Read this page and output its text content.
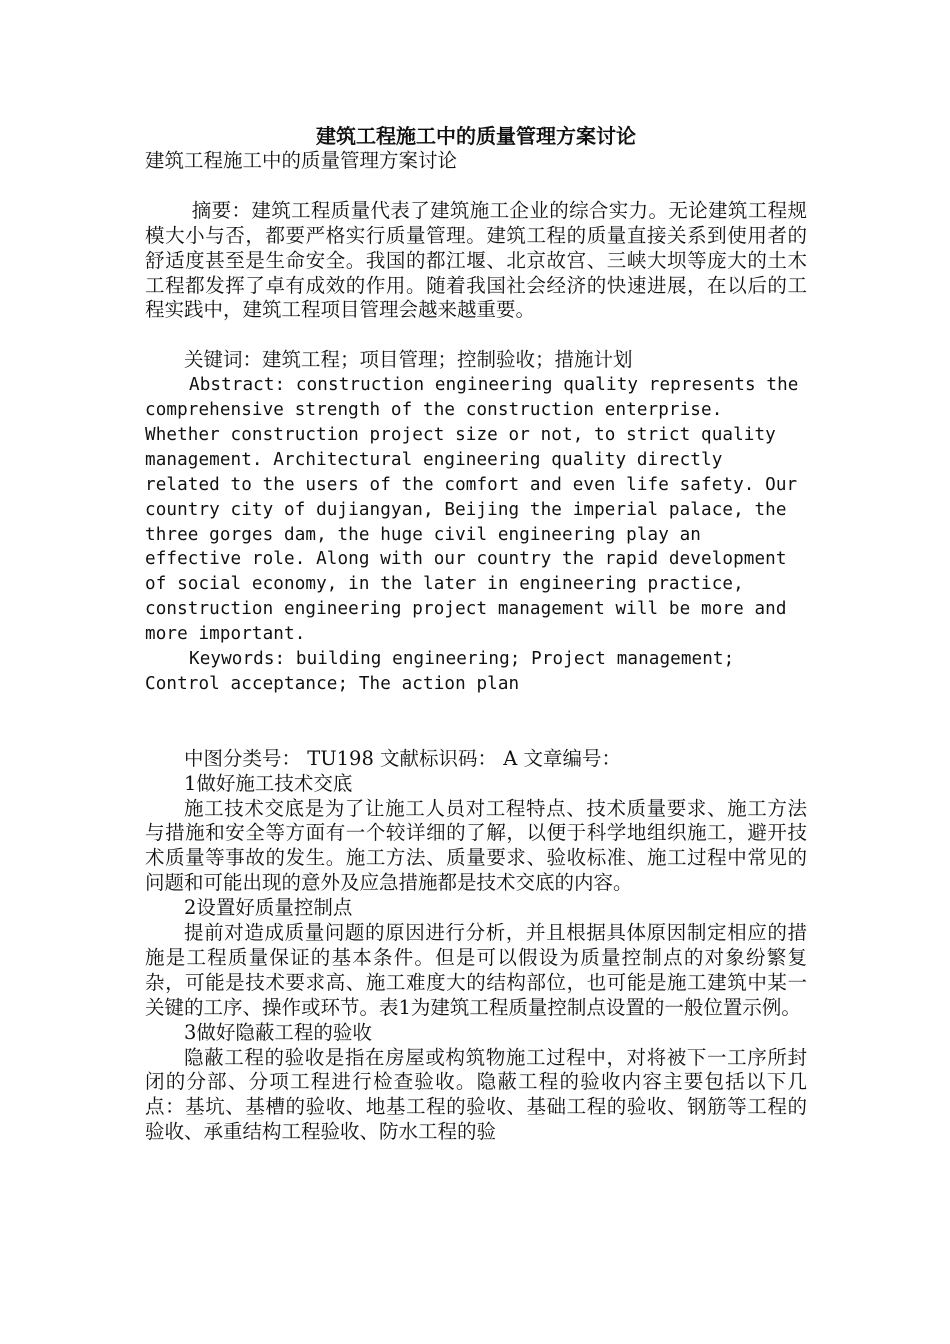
建筑工程施工中的质量管理方案讨论

建筑工程施工中的质量管理方案讨论

摘要：建筑工程质量代表了建筑施工企业的综合实力。无论建筑工程规模大小与否，都要严格实行质量管理。建筑工程的质量直接关系到使用者的舒适度甚至是生命安全。我国的都江堰、北京故宫、三峡大坝等庞大的土木工程都发挥了卓有成效的作用。随着我国社会经济的快速进展，在以后的工程实践中，建筑工程项目管理会越来越重要。

关键词：建筑工程；项目管理；控制验收；措施计划

Abstract: construction engineering quality represents the comprehensive strength of the construction enterprise. Whether construction project size or not, to strict quality management. Architectural engineering quality directly related to the users of the comfort and even life safety. Our country city of dujiangyan, Beijing the imperial palace, the three gorges dam, the huge civil engineering play an effective role. Along with our country the rapid development of social economy, in the later in engineering practice, construction engineering project management will be more and more important.

Keywords: building engineering; Project management; Control acceptance; The action plan

中图分类号： TU198 文献标识码： A 文章编号：

1做好施工技术交底

施工技术交底是为了让施工人员对工程特点、技术质量要求、施工方法与措施和安全等方面有一个较详细的了解，以便于科学地组织施工，避开技术质量等事故的发生。施工方法、质量要求、验收标准、施工过程中常见的问题和可能出现的意外及应急措施都是技术交底的内容。

2设置好质量控制点

提前对造成质量问题的原因进行分析，并且根据具体原因制定相应的措施是工程质量保证的基本条件。但是可以假设为质量控制点的对象纷繁复杂，可能是技术要求高、施工难度大的结构部位，也可能是施工建筑中某一关键的工序、操作或环节。表1为建筑工程质量控制点设置的一般位置示例。

3做好隐蔽工程的验收

隐蔽工程的验收是指在房屋或构筑物施工过程中，对将被下一工序所封闭的分部、分项工程进行检查验收。隐蔽工程的验收内容主要包括以下几点：基坑、基槽的验收、地基工程的验收、基础工程的验收、钢筋等工程的验收、承重结构工程验收、防水工程的验
